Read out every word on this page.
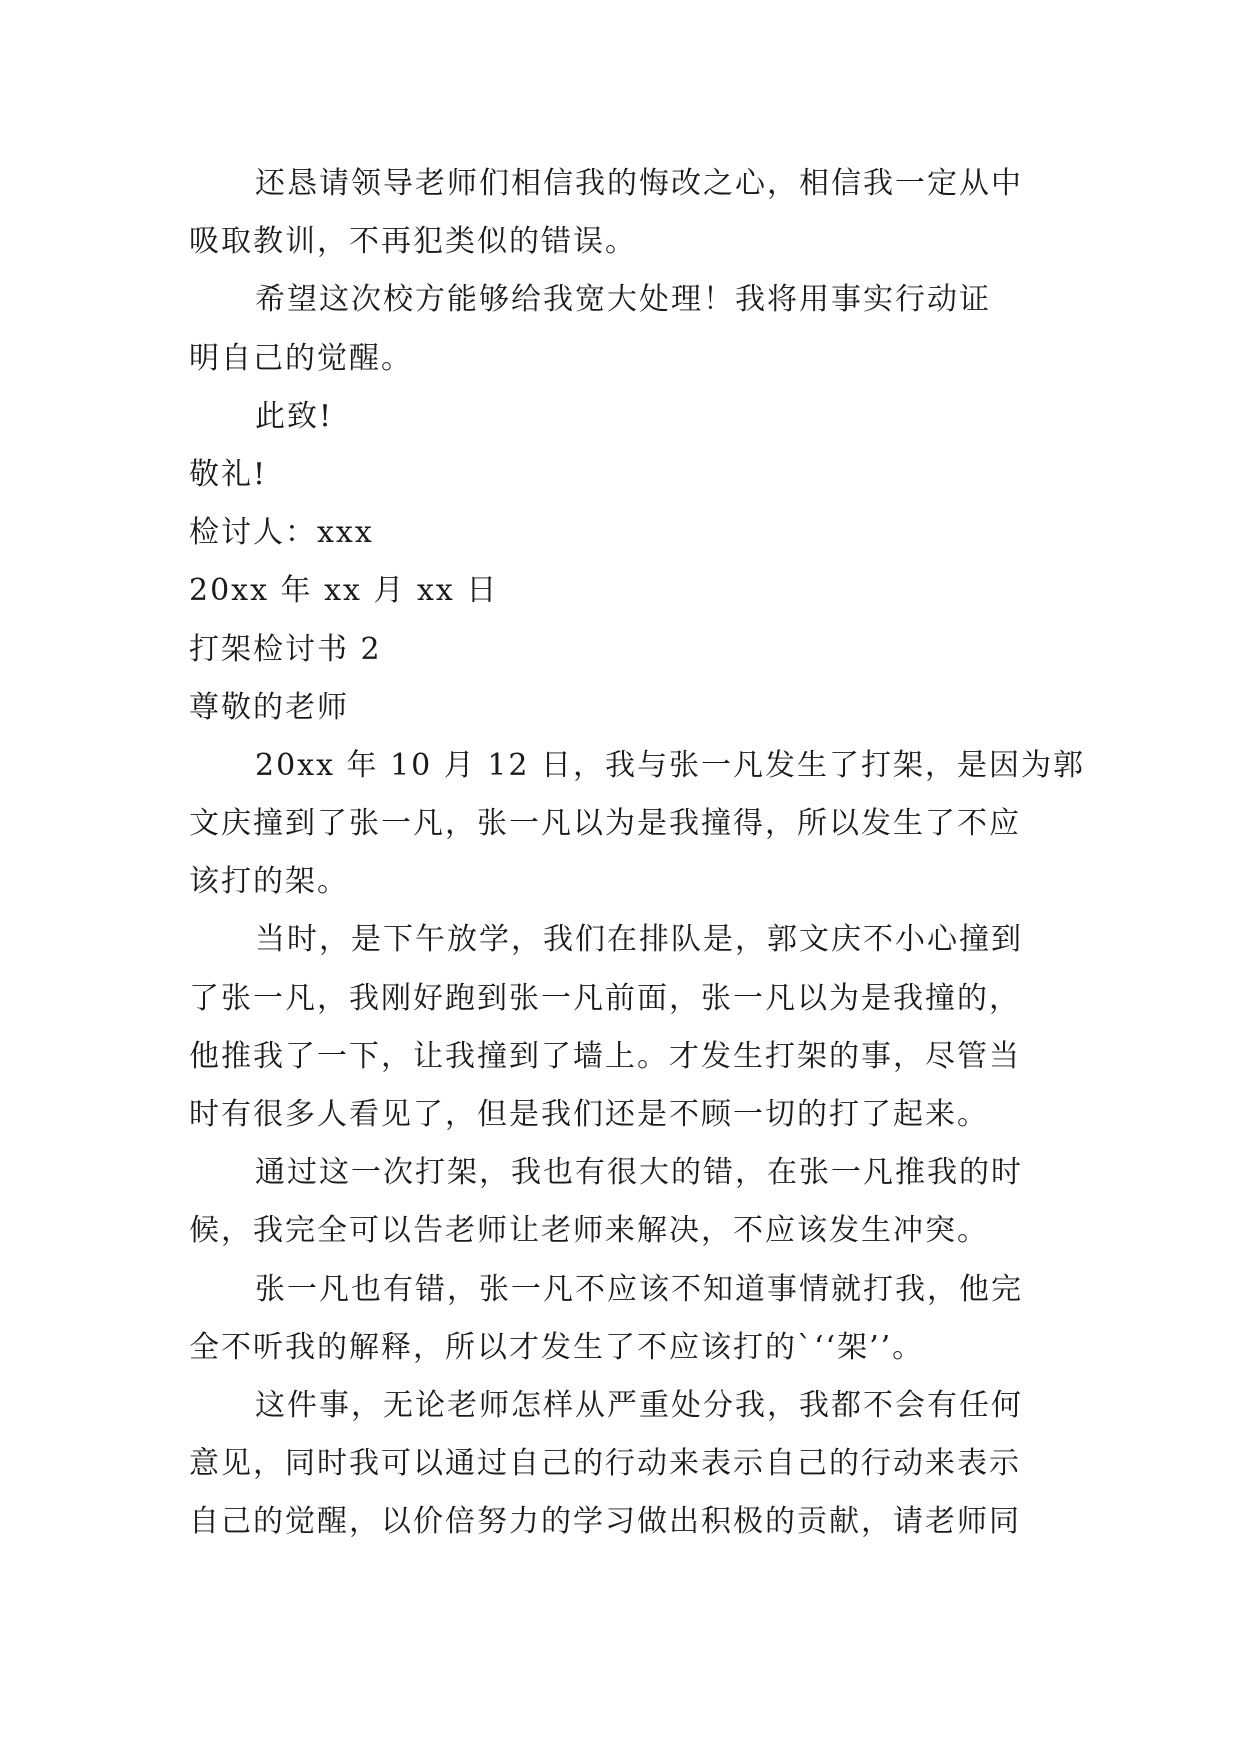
还恳请领导老师们相信我的悔改之心，相信我一定从中
吸取教训，不再犯类似的错误。
希望这次校方能够给我宽大处理！我将用事实行动证
明自己的觉醒。
此致!
敬礼!
检讨人：xxx
20xx 年 xx 月 xx 日
打架检讨书 2
尊敬的老师
20xx 年 10 月 12 日，我与张一凡发生了打架，是因为郭
文庆撞到了张一凡，张一凡以为是我撞得，所以发生了不应
该打的架。
当时，是下午放学，我们在排队是，郭文庆不小心撞到
了张一凡，我刚好跑到张一凡前面，张一凡以为是我撞的，
他推我了一下，让我撞到了墙上。才发生打架的事，尽管当
时有很多人看见了，但是我们还是不顾一切的打了起来。
通过这一次打架，我也有很大的错，在张一凡推我的时
候，我完全可以告老师让老师来解决，不应该发生冲突。
张一凡也有错，张一凡不应该不知道事情就打我，他完
全不听我的解释，所以才发生了不应该打的`‘‘架’’。
这件事，无论老师怎样从严重处分我，我都不会有任何
意见，同时我可以通过自己的行动来表示自己的行动来表示
自己的觉醒，以价倍努力的学习做出积极的贡献，请老师同
